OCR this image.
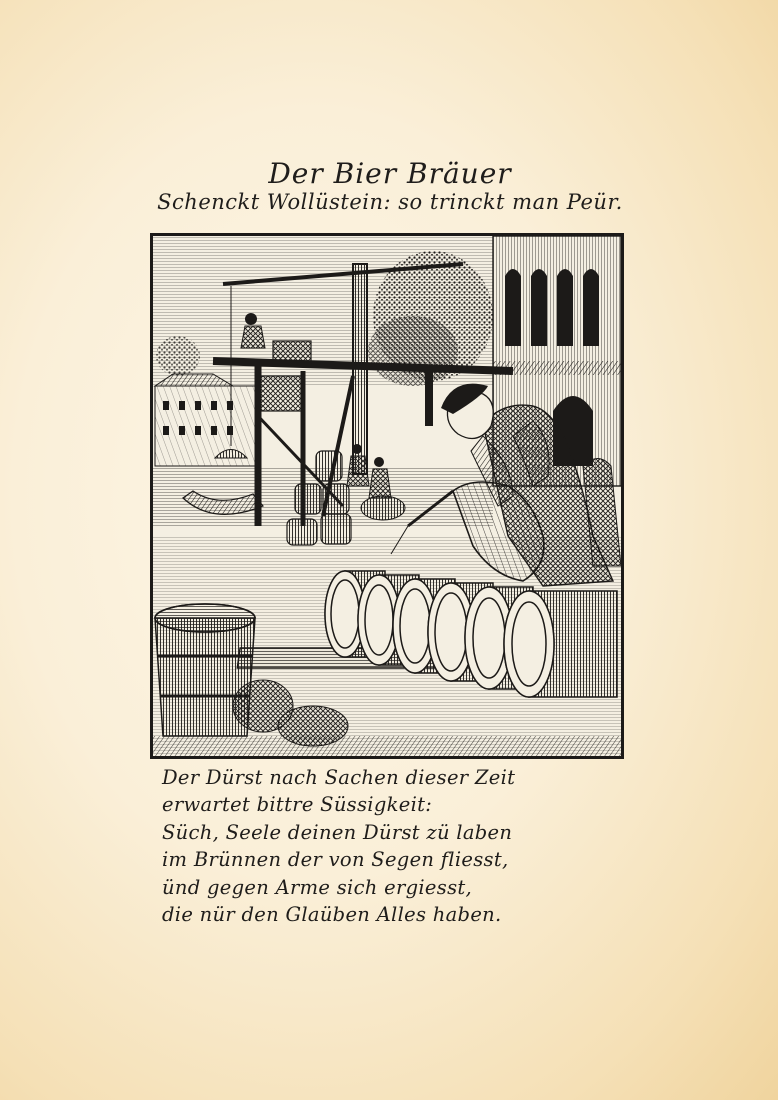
Der Bier Bräuer
Schenckt Wollüstein: so trinckt man Peür.
Der Dürst nach Sachen dieser Zeit
erwartet bittre Süssigkeit:
Süch, Seele deinen Dürst zü laben
im Brünnen der von Segen fliesst,
ünd gegen Arme sich ergiesst,
die nür den Glaüben Alles haben.
